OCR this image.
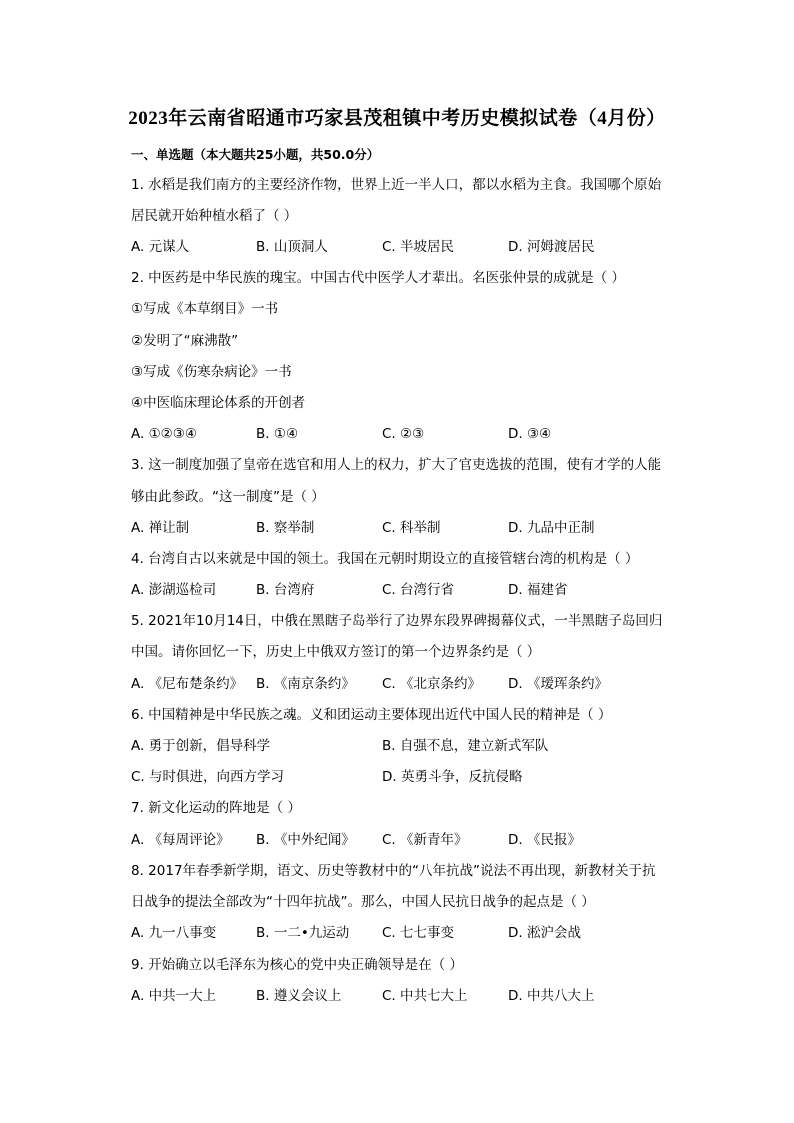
2023年云南省昭通市巧家县茂租镇中考历史模拟试卷（4月份）
一、单选题（本大题共25小题，共50.0分）
1. 水稻是我们南方的主要经济作物，世界上近一半人口，都以水稻为主食。我国哪个原始
居民就开始种植水稻了（ ）
A. 元谋人	B. 山顶洞人	C. 半坡居民	D. 河姆渡居民
2. 中医药是中华民族的瑰宝。中国古代中医学人才辈出。名医张仲景的成就是（ ）
①写成《本草纲目》一书
②发明了“麻沸散”
③写成《伤寒杂病论》一书
④中医临床理论体系的开创者
A. ①②③④	B. ①④	C. ②③	D. ③④
3. 这一制度加强了皇帝在选官和用人上的权力，扩大了官吏选拔的范围，使有才学的人能
够由此参政。“这一制度”是（ ）
A. 禅让制	B. 察举制	C. 科举制	D. 九品中正制
4. 台湾自古以来就是中国的领土。我国在元朝时期设立的直接管辖台湾的机构是（ ）
A. 澎湖巡检司	B. 台湾府	C. 台湾行省	D. 福建省
5. 2021年10月14日，中俄在黑瞎子岛举行了边界东段界碑揭幕仪式，一半黑瞎子岛回归
中国。请你回忆一下，历史上中俄双方签订的第一个边界条约是（ ）
A. 《尼布楚条约》 B. 《南京条约》 C. 《北京条约》 D. 《瑷珲条约》
6. 中国精神是中华民族之魂。义和团运动主要体现出近代中国人民的精神是（ ）
A. 勇于创新，倡导科学	B. 自强不息，建立新式军队
C. 与时俱进，向西方学习	D. 英勇斗争，反抗侵略
7. 新文化运动的阵地是（ ）
A. 《每周评论》 B. 《中外纪闻》 C. 《新青年》	D. 《民报》
8. 2017年春季新学期，语文、历史等教材中的“八年抗战”说法不再出现，新教材关于抗
日战争的提法全部改为“十四年抗战”。那么，中国人民抗日战争的起点是（ ）
A. 九一八事变	B. 一二•九运动 C. 七七事变	D. 淞沪会战
9. 开始确立以毛泽东为核心的党中央正确领导是在（ ）
A. 中共一大上	B. 遵义会议上	C. 中共七大上	D. 中共八大上
